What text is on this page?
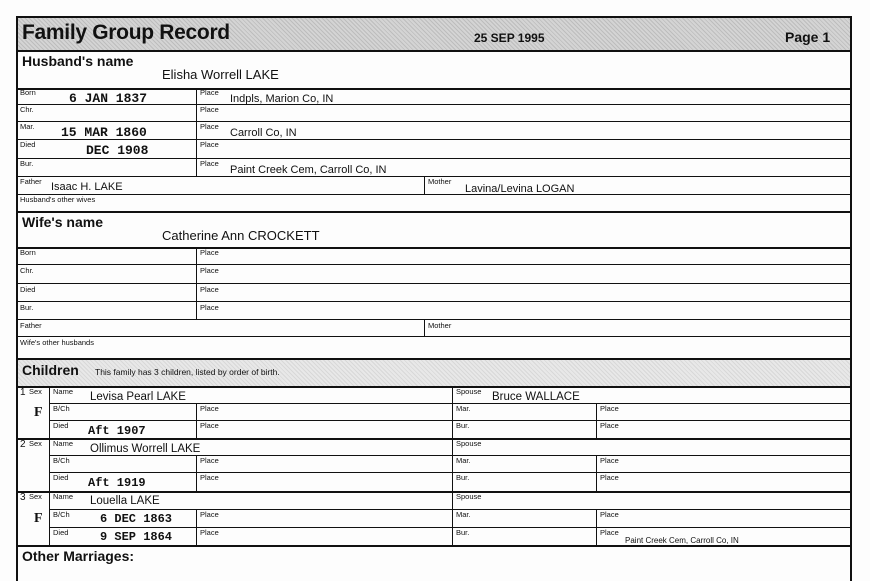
Family Group Record	25 SEP 1995	Page 1
Husband's name
Elisha Worrell LAKE
Born	6 JAN 1837	Place
Indpls, Marion Co, IN
Chr.	Place
Mar. 15 MAR 1860	Place
Carroll Co, IN
Died	DEC 1908	Place
Bur.	Place
Paint Creek Cem, Carroll Co, IN
Father Isaac H. LAKE	Mother
Lavina/Levina LOGAN
Husband's other wives
Wife's name
Catherine Ann CROCKETT
Born	Place
Chr.	Place
Died	Place
Bur.	Place
Father	Mother
Wife's other husbands
Children This family has 3 children, listed by order of birth.
1 Sex Name Levisa Pearl LAKE	Spouse Bruce WALLACE
F B/Ch	Place	Mar.	Place
Died Aft 1907	Place	Bur.	Place
2 Sex Name Ollimus Worrell LAKE	Spouse
B/Ch	Place	Mar.	Place
Died Aft 1919	Place	Bur.	Place
3 Sex Name Louella LAKE	Spouse
F B/Ch	6 DEC 1863	Place	Mar.	Place
Died	9 SEP 1864	Place	Bur.	Place
Paint Creek Cem, Carroll Co, IN
Other Marriages:
